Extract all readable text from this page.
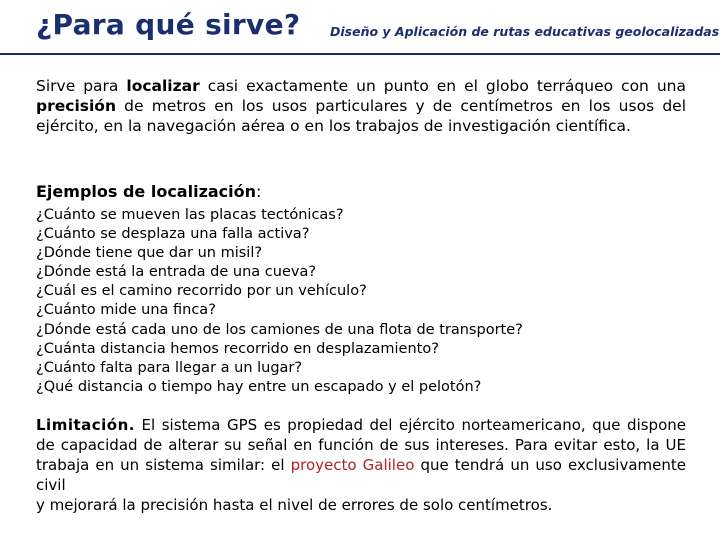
¿Para qué sirve? Diseño y Aplicación de rutas educativas geolocalizadas
Sirve para localizar casi exactamente un punto en el globo terráqueo con una precisión de metros en los usos particulares y de centímetros en los usos del ejército, en la navegación aérea o en los trabajos de investigación científica.
Ejemplos de localización:
¿Cuánto se mueven las placas tectónicas?
¿Cuánto se desplaza una falla activa?
¿Dónde tiene que dar un misil?
¿Dónde está la entrada de una cueva?
¿Cuál es el camino recorrido por un vehículo?
¿Cuánto mide una finca?
¿Dónde está cada uno de los camiones de una flota de transporte?
¿Cuánta distancia hemos recorrido en desplazamiento?
¿Cuánto falta para llegar a un lugar?
¿Qué distancia o tiempo hay entre un escapado y el pelotón?
Limitación. El sistema GPS es propiedad del ejército norteamericano, que dispone de capacidad de alterar su señal en función de sus intereses. Para evitar esto, la UE trabaja en un sistema similar: el proyecto Galileo que tendrá un uso exclusivamente civil
y mejorará la precisión hasta el nivel de errores de solo centímetros.
